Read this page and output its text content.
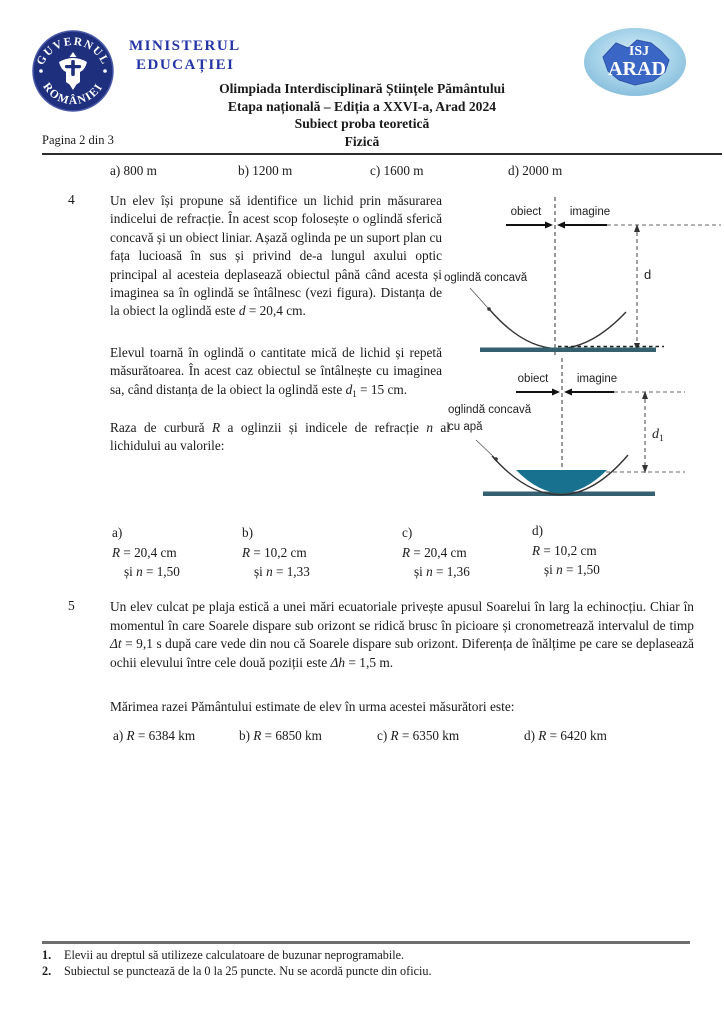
GUVERNUL
ROMÂNIEI
MINISTERUL
EDUCAȚIEI
ISJ
ARAD
Olimpiada Interdisciplinară Științele Pământului
Etapa națională – Ediția a XXVI-a, Arad 2024
Subiect proba teoretică
Fizică
Pagina 2 din 3
a) 800 m	b) 1200 m	c) 1600 m	d) 2000 m
4	Un elev își propune să identifice un lichid prin măsurarea indicelui de refracție. În acest scop folosește o oglindă sferică concavă și un obiect liniar. Așază oglinda pe un suport plan cu fața lucioasă în sus și privind de-a lungul axului optic principal al acesteia deplasează obiectul până când acesta și imaginea sa în oglindă se întâlnesc (vezi figura). Distanța de la obiect la oglindă este d = 20,4 cm.
Elevul toarnă în oglindă o cantitate mică de lichid și repetă măsurătoarea. În acest caz obiectul se întâlnește cu imaginea sa, când distanța de la obiect la oglindă este $d_1 = 15$ cm.
Raza de curbură R a oglinzii și indicele de refracție n al lichidului au valorile:
obiect imagine
d
oglindă concavă
obiect imagine
$d_1$
oglindă concavă
cu apă
a)
R = 20,4 cm
și n = 1,50
b)
R = 10,2 cm
și n = 1,33
c)
R = 20,4 cm
și n = 1,36
d)
R = 10,2 cm
și n = 1,50
5	Un elev culcat pe plaja estică a unei mări ecuatoriale privește apusul Soarelui în larg la echinocțiu. Chiar în momentul în care Soarele dispare sub orizont se ridică brusc în picioare și cronometrează intervalul de timp Δt = 9,1 s după care vede din nou că Soarele dispare sub orizont. Diferența de înălțime pe care se deplasează ochii elevului între cele două poziții este Δh = 1,5 m.
Mărimea razei Pământului estimate de elev în urma acestei măsurători este:
a) R = 6384 km	b) R = 6850 km	c) R = 6350 km	d) R = 6420 km
1. Elevii au dreptul să utilizeze calculatoare de buzunar neprogramabile.
2. Subiectul se punctează de la 0 la 25 puncte. Nu se acordă puncte din oficiu.
